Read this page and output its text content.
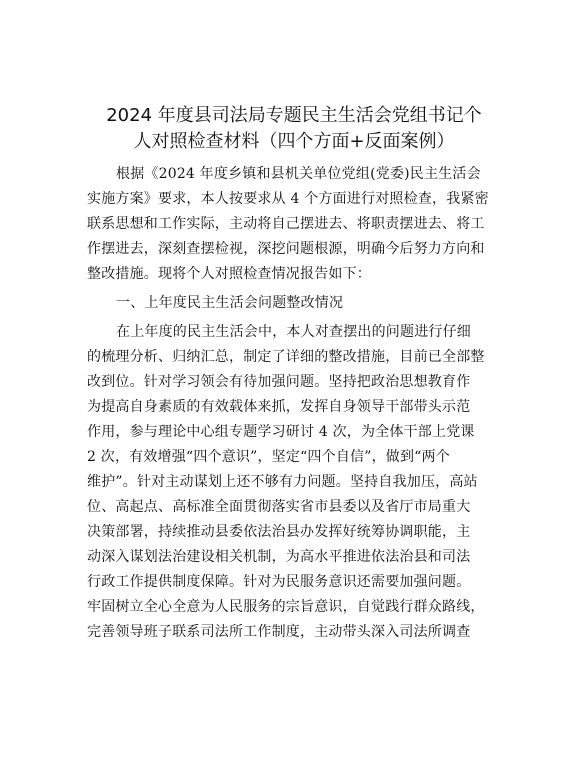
2024 年度县司法局专题民主生活会党组书记个
人对照检查材料（四个方面+反面案例）
根据《2024 年度乡镇和县机关单位党组(党委)民主生活会
实施方案》要求，本人按要求从 4 个方面进行对照检查，我紧密
联系思想和工作实际，主动将自己摆进去、将职责摆进去、将工
作摆进去，深刻查摆检视，深挖问题根源，明确今后努力方向和
整改措施。现将个人对照检查情况报告如下：
一、上年度民主生活会问题整改情况
在上年度的民主生活会中，本人对查摆出的问题进行仔细
的梳理分析、归纳汇总，制定了详细的整改措施，目前已全部整
改到位。针对学习领会有待加强问题。坚持把政治思想教育作
为提高自身素质的有效载体来抓，发挥自身领导干部带头示范
作用，参与理论中心组专题学习研讨 4 次，为全体干部上党课
2 次，有效增强“四个意识”，坚定“四个自信”，做到“两个
维护”。针对主动谋划上还不够有力问题。坚持自我加压，高站
位、高起点、高标准全面贯彻落实省市县委以及省厅市局重大
决策部署，持续推动县委依法治县办发挥好统筹协调职能，主
动深入谋划法治建设相关机制，为高水平推进依法治县和司法
行政工作提供制度保障。针对为民服务意识还需要加强问题。
牢固树立全心全意为人民服务的宗旨意识，自觉践行群众路线，
完善领导班子联系司法所工作制度，主动带头深入司法所调查
